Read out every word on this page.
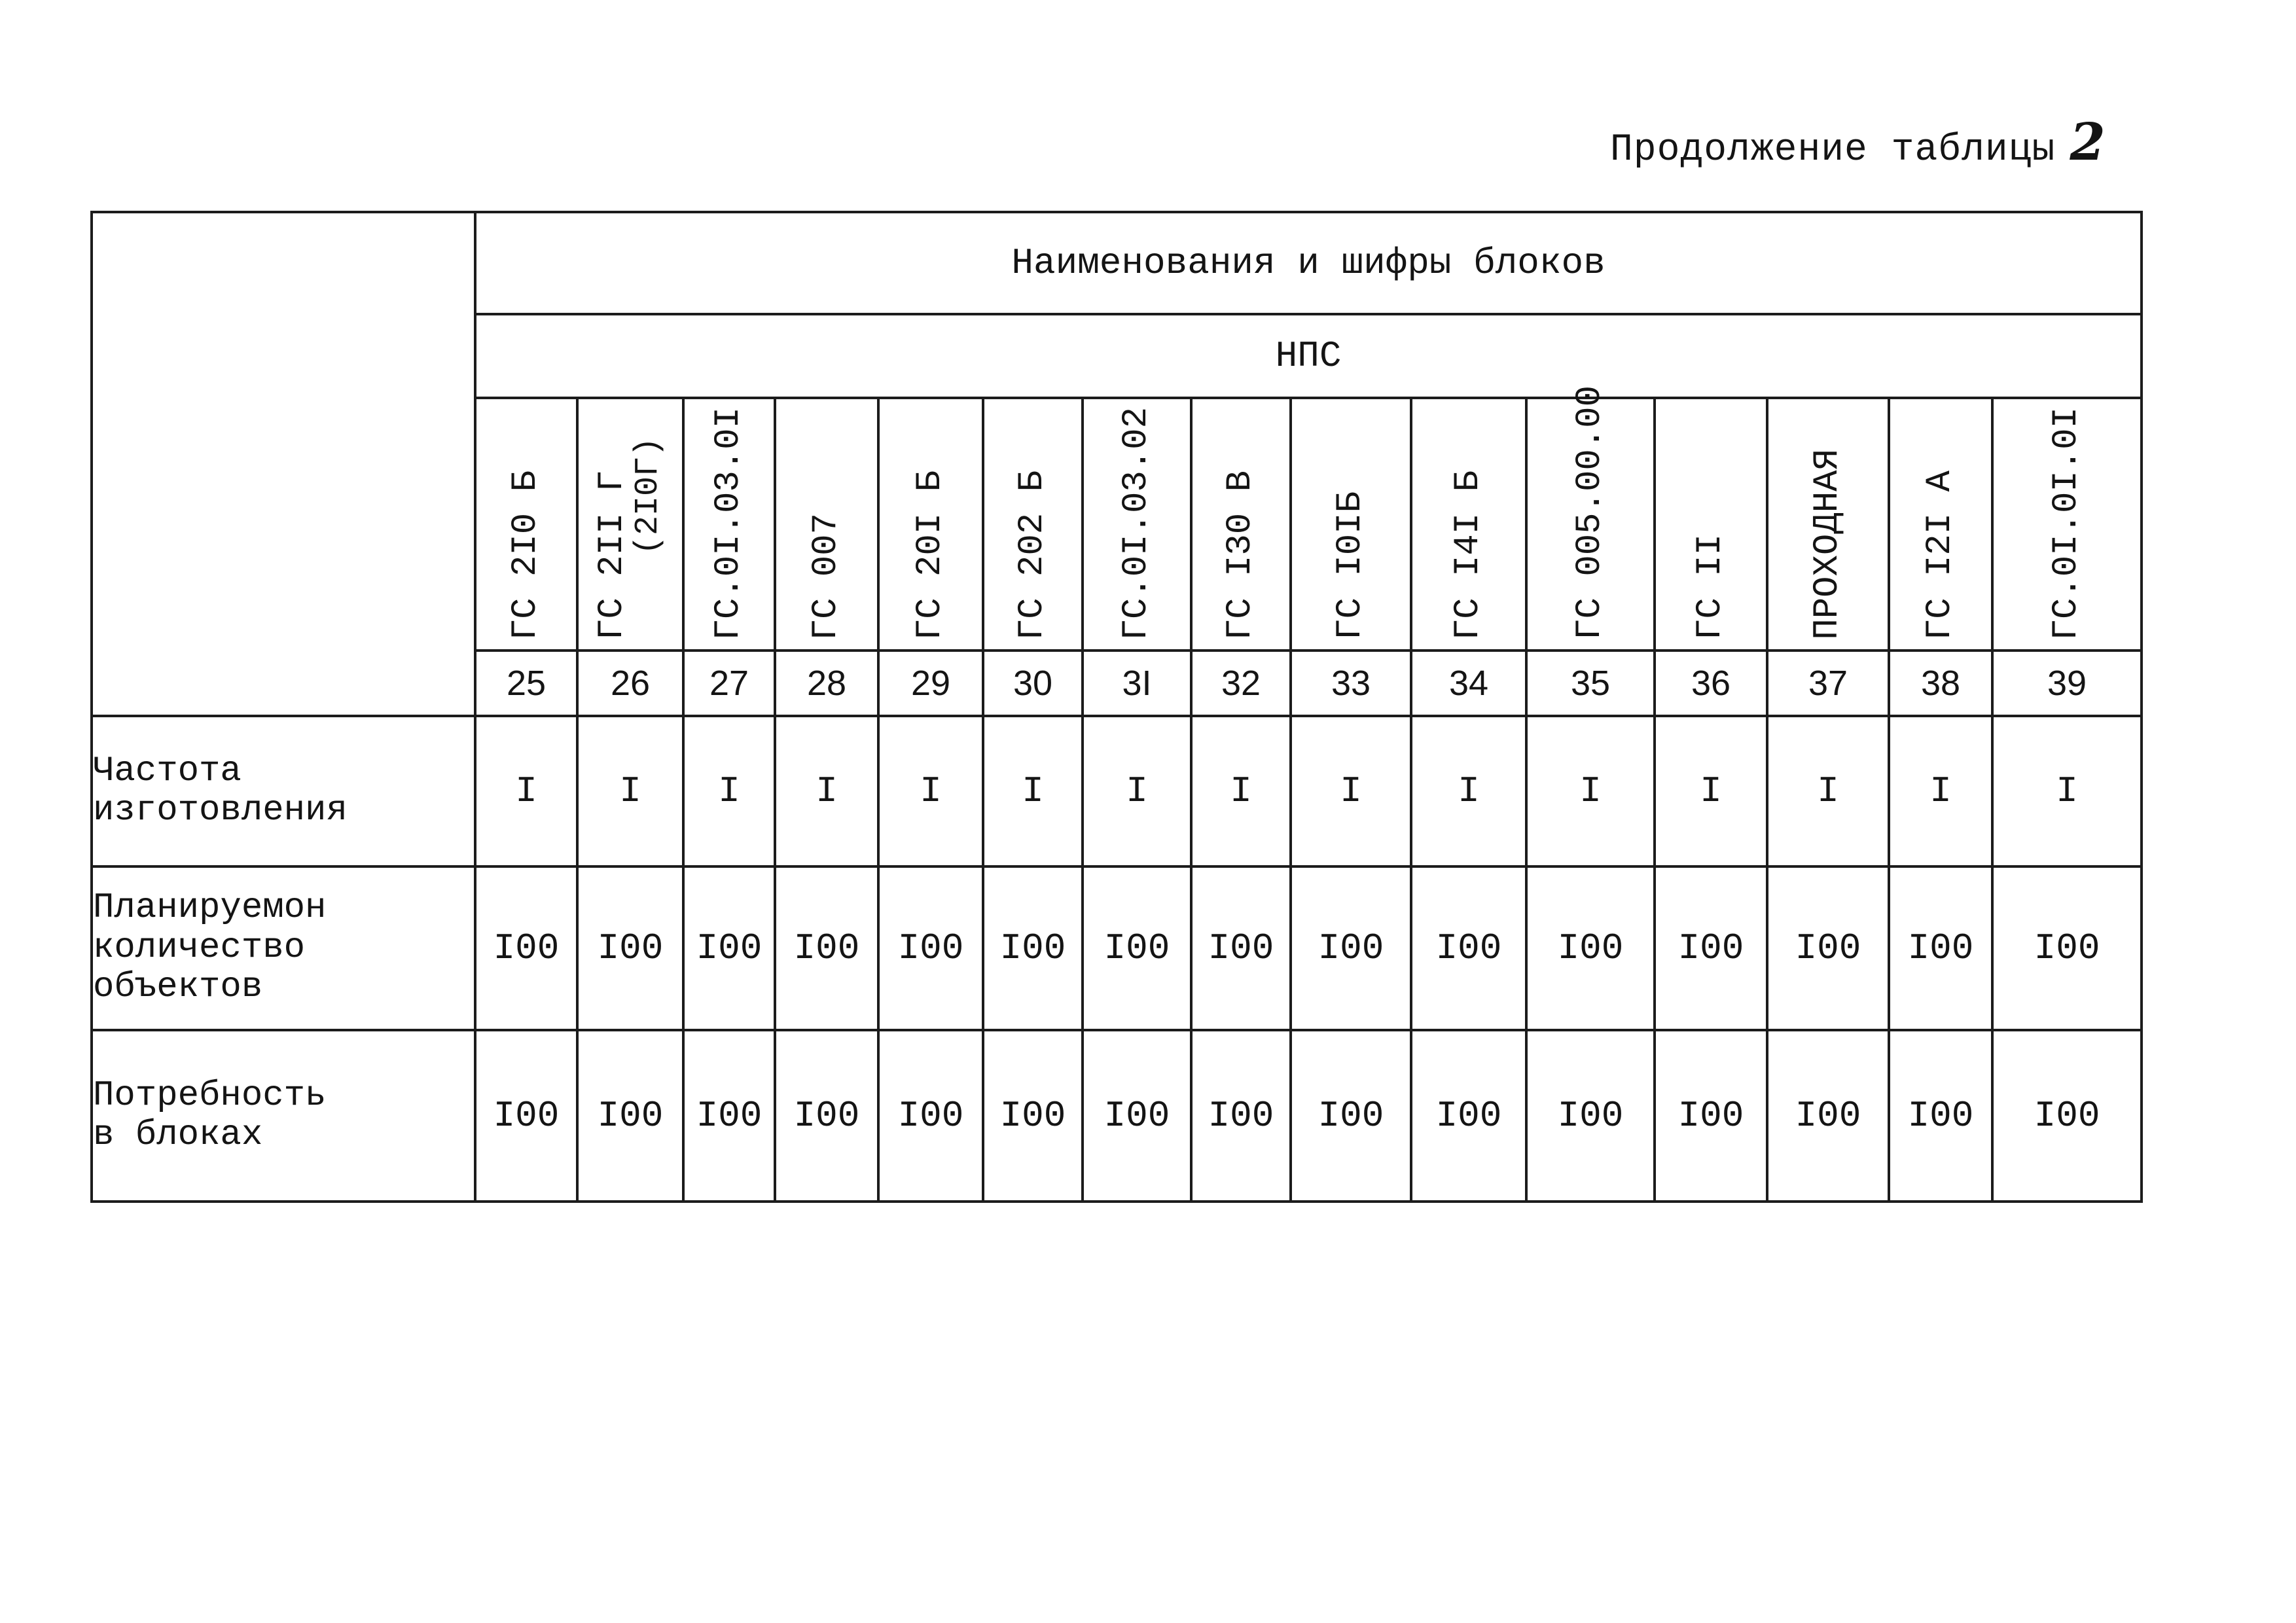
Продолжение таблицы 2
	Наименования и шифры блоков														
	НПС														

	ГС 2I0 Б	ГС 2II Г
(2I0Г)	ГС.0I.03.0I	ГС 007	ГС 20I Б	ГС 202 Б	ГС.0I.03.02	ГС I30 В	ГС I0IБ	ГС I4I Б	ГС 005.00.00	ГС II	ПРОХОДНАЯ	ГС I2I А	ГС.0I.0I.0I

	25	26	27	28	29	30	3I	32	33	34	35	36	37	38	39

Частота
изготовления	I	I	I	I	I	I	I	I	I	I	I	I	I	I	I

Планируемон
количество
объектов	I00	I00	I00	I00	I00	I00	I00	I00	I00	I00	I00	I00	I00	I00	I00

Потребность
в блоках	I00	I00	I00	I00	I00	I00	I00	I00	I00	I00	I00	I00	I00	I00	I00
